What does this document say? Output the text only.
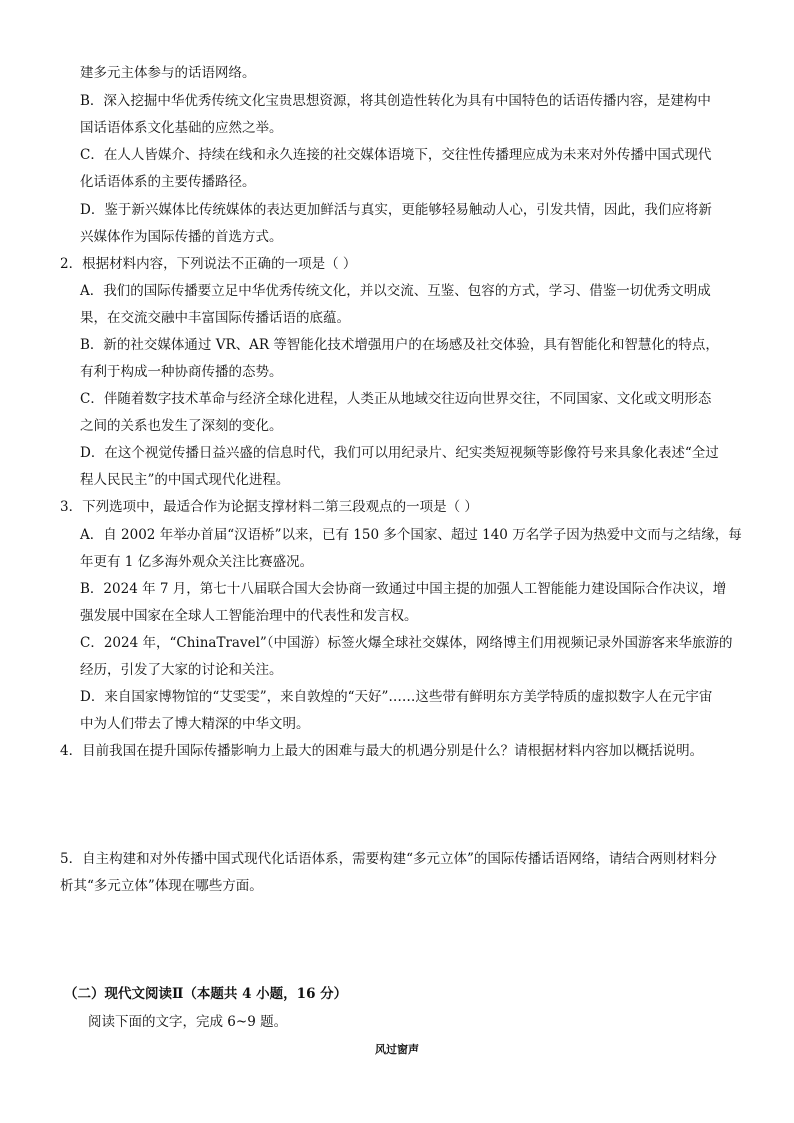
建多元主体参与的话语网络。
B．深入挖掘中华优秀传统文化宝贵思想资源，将其创造性转化为具有中国特色的话语传播内容，是建构中
国话语体系文化基础的应然之举。
C．在人人皆媒介、持续在线和永久连接的社交媒体语境下，交往性传播理应成为未来对外传播中国式现代
化话语体系的主要传播路径。
D．鉴于新兴媒体比传统媒体的表达更加鲜活与真实，更能够轻易触动人心，引发共情，因此，我们应将新
兴媒体作为国际传播的首选方式。
2．根据材料内容，下列说法不正确的一项是（ ）
A．我们的国际传播要立足中华优秀传统文化，并以交流、互鉴、包容的方式，学习、借鉴一切优秀文明成
果，在交流交融中丰富国际传播话语的底蕴。
B．新的社交媒体通过 VR、AR 等智能化技术增强用户的在场感及社交体验，具有智能化和智慧化的特点，
有利于构成一种协商传播的态势。
C．伴随着数字技术革命与经济全球化进程，人类正从地域交往迈向世界交往，不同国家、文化或文明形态
之间的关系也发生了深刻的变化。
D．在这个视觉传播日益兴盛的信息时代，我们可以用纪录片、纪实类短视频等影像符号来具象化表述“全过
程人民民主”的中国式现代化进程。
3．下列选项中，最适合作为论据支撑材料二第三段观点的一项是（ ）
A．自 2002 年举办首届“汉语桥”以来，已有 150 多个国家、超过 140 万名学子因为热爱中文而与之结缘，每
年更有 1 亿多海外观众关注比赛盛况。
B．2024 年 7 月，第七十八届联合国大会协商一致通过中国主提的加强人工智能能力建设国际合作决议，增
强发展中国家在全球人工智能治理中的代表性和发言权。
C．2024 年，“ChinaTravel”（中国游）标签火爆全球社交媒体，网络博主们用视频记录外国游客来华旅游的
经历，引发了大家的讨论和关注。
D．来自国家博物馆的“艾雯雯”，来自敦煌的“天好”……这些带有鲜明东方美学特质的虚拟数字人在元宇宙
中为人们带去了博大精深的中华文明。
4．目前我国在提升国际传播影响力上最大的困难与最大的机遇分别是什么？请根据材料内容加以概括说明。
5．自主构建和对外传播中国式现代化话语体系，需要构建“多元立体”的国际传播话语网络，请结合两则材料分
析其“多元立体”体现在哪些方面。
（二）现代文阅读Ⅱ（本题共 4 小题，16 分）
阅读下面的文字，完成 6~9 题。
风过窗声
